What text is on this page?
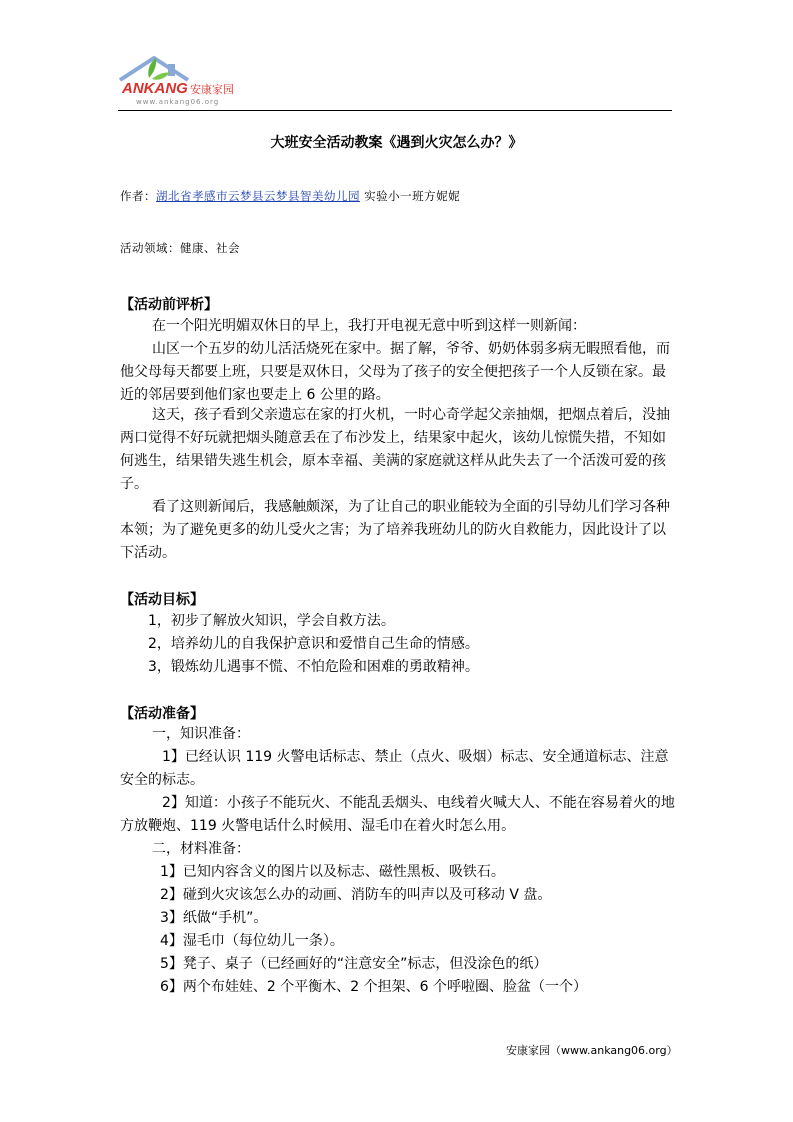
ANKANG 安康家园
www.ankang06.org
大班安全活动教案《遇到火灾怎么办？》
作者：湖北省孝感市云梦县云梦县智美幼儿园 实验小一班方妮妮
活动领域：健康、社会
【活动前评析】
在一个阳光明媚双休日的早上，我打开电视无意中听到这样一则新闻：

山区一个五岁的幼儿活活烧死在家中。据了解，爷爷、奶奶体弱多病无暇照看他，而他父母每天都要上班，只要是双休日，父母为了孩子的安全便把孩子一个人反锁在家。最近的邻居要到他们家也要走上 6 公里的路。

这天，孩子看到父亲遗忘在家的打火机，一时心奇学起父亲抽烟，把烟点着后，没抽两口觉得不好玩就把烟头随意丢在了布沙发上，结果家中起火，该幼儿惊慌失措，不知如何逃生，结果错失逃生机会，原本幸福、美满的家庭就这样从此失去了一个活泼可爱的孩子。

看了这则新闻后，我感触颇深，为了让自己的职业能较为全面的引导幼儿们学习各种本领；为了避免更多的幼儿受火之害；为了培养我班幼儿的防火自救能力，因此设计了以下活动。

【活动目标】
1，初步了解放火知识，学会自救方法。
2，培养幼儿的自我保护意识和爱惜自己生命的情感。
3，锻炼幼儿遇事不慌、不怕危险和困难的勇敢精神。
【活动准备】
一，知识准备：

1】已经认识 119 火警电话标志、禁止（点火、吸烟）标志、安全通道标志、注意安全的标志。

2】知道：小孩子不能玩火、不能乱丢烟头、电线着火喊大人、不能在容易着火的地方放鞭炮、119 火警电话什么时候用、湿毛巾在着火时怎么用。

二，材料准备：
1】已知内容含义的图片以及标志、磁性黑板、吸铁石。
2】碰到火灾该怎么办的动画、消防车的叫声以及可移动 V 盘。
3】纸做“手机”。
4】湿毛巾（每位幼儿一条）。
5】凳子、桌子（已经画好的“注意安全”标志，但没涂色的纸）
6】两个布娃娃、2 个平衡木、2 个担架、6 个呼啦圈、脸盆（一个）
安康家园（www.ankang06.org）
